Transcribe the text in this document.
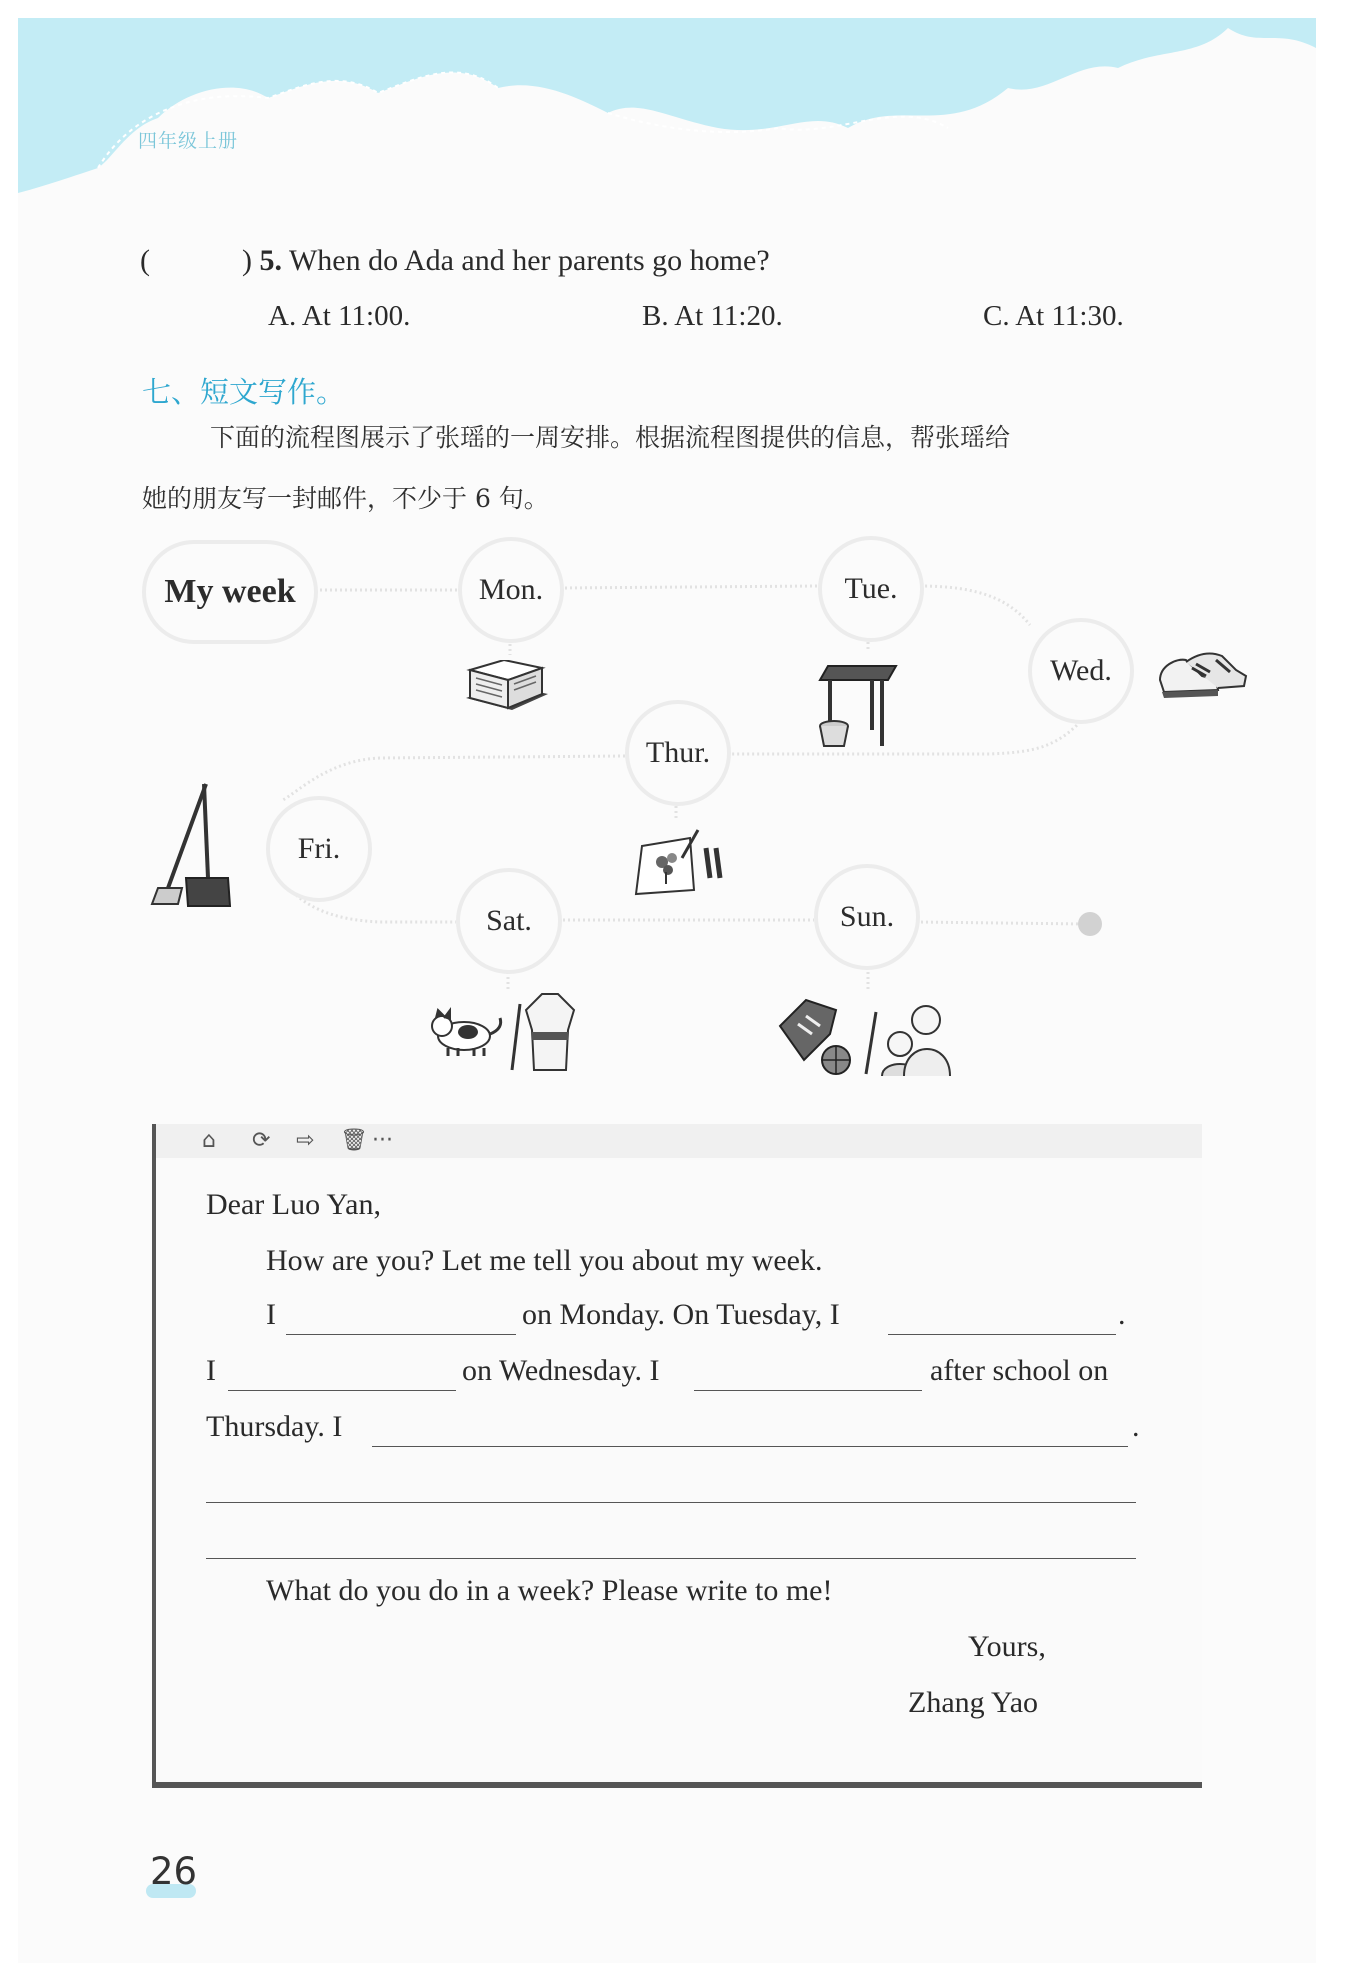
四年级上册
(	) 5. When do Ada and her parents go home?
A. At 11:00.	B. At 11:20.	C. At 11:30.
七、短文写作。
下面的流程图展示了张瑶的一周安排。根据流程图提供的信息，帮张瑶给
她的朋友写一封邮件，不少于 6 句。
My week	Mon.	Tue.
Wed.
Thur.
Fri.
Sat.	Sun.
⌂ ⟳ ⇨ 🗑 ···
Dear Luo Yan,
How are you? Let me tell you about my week.
I	on Monday. On Tuesday, I	.
I	on Wednesday. I	after school on
Thursday. I	.
What do you do in a week? Please write to me!
Yours,
Zhang Yao
26
